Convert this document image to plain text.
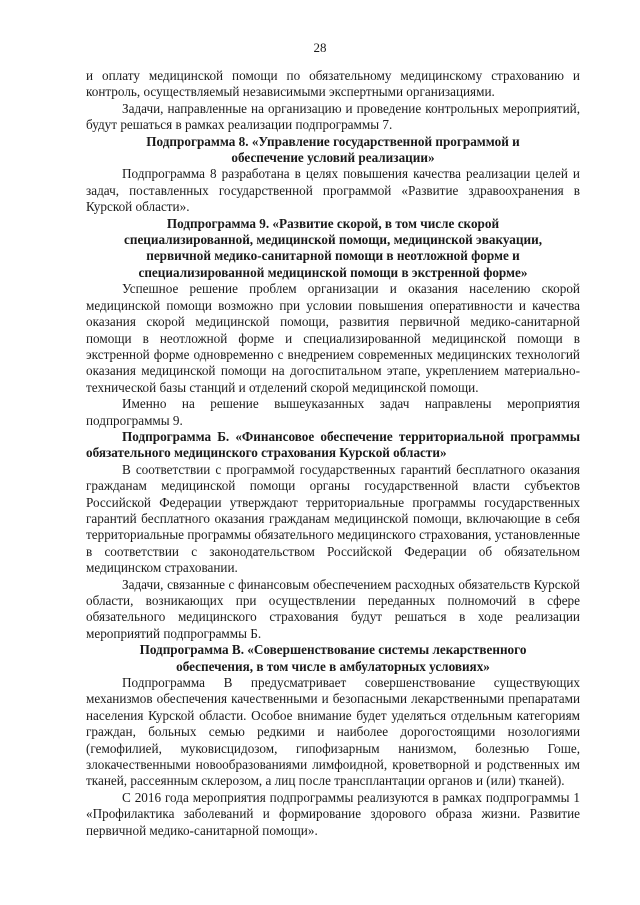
28

и оплату медицинской помощи по обязательному медицинскому страхованию и контроль, осуществляемый независимыми экспертными организациями.

Задачи, направленные на организацию и проведение контрольных мероприятий, будут решаться в рамках реализации подпрограммы 7.

Подпрограмма 8. «Управление государственной программой и
обеспечение условий реализации»

Подпрограмма 8 разработана в целях повышения качества реализации целей и задач, поставленных государственной программой «Развитие здравоохранения в Курской области».

Подпрограмма 9. «Развитие скорой, в том числе скорой
специализированной, медицинской помощи, медицинской эвакуации,
первичной медико-санитарной помощи в неотложной форме и
специализированной медицинской помощи в экстренной форме»

Успешное решение проблем организации и оказания населению скорой медицинской помощи возможно при условии повышения оперативности и качества оказания скорой медицинской помощи, развития первичной медико-санитарной помощи в неотложной форме и специализированной медицинской помощи в экстренной форме одновременно с внедрением современных медицинских технологий оказания медицинской помощи на догоспитальном этапе, укреплением материально-технической базы станций и отделений скорой медицинской помощи.

Именно на решение вышеуказанных задач направлены мероприятия подпрограммы 9.

Подпрограмма Б. «Финансовое обеспечение территориальной программы обязательного медицинского страхования Курской области»

В соответствии с программой государственных гарантий бесплатного оказания гражданам медицинской помощи органы государственной власти субъектов Российской Федерации утверждают территориальные программы государственных гарантий бесплатного оказания гражданам медицинской помощи, включающие в себя территориальные программы обязательного медицинского страхования, установленные в соответствии с законодательством Российской Федерации об обязательном медицинском страховании.

Задачи, связанные с финансовым обеспечением расходных обязательств Курской области, возникающих при осуществлении переданных полномочий в сфере обязательного медицинского страхования будут решаться в ходе реализации мероприятий подпрограммы Б.

Подпрограмма В. «Совершенствование системы лекарственного
обеспечения, в том числе в амбулаторных условиях»

Подпрограмма В предусматривает совершенствование существующих механизмов обеспечения качественными и безопасными лекарственными препаратами населения Курской области. Особое внимание будет уделяться отдельным категориям граждан, больных семью редкими и наиболее дорогостоящими нозологиями (гемофилией, муковисцидозом, гипофизарным нанизмом, болезнью Гоше, злокачественными новообразованиями лимфоидной, кроветворной и родственных им тканей, рассеянным склерозом, а лиц после трансплантации органов и (или) тканей).

С 2016 года мероприятия подпрограммы реализуются в рамках подпрограммы 1 «Профилактика заболеваний и формирование здорового образа жизни. Развитие первичной медико-санитарной помощи».
